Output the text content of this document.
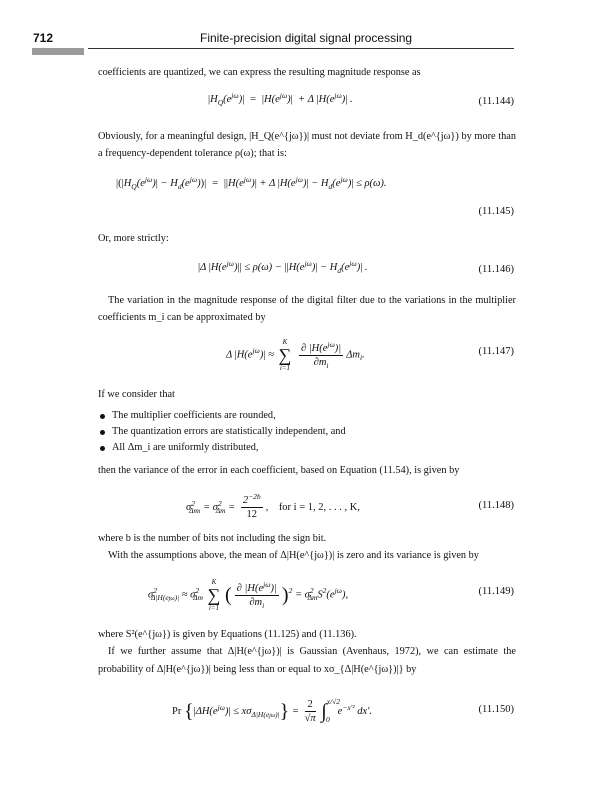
712	Finite-precision digital signal processing
coefficients are quantized, we can express the resulting magnitude response as
$|H_Q(e^{j\omega})| = |H(e^{j\omega})| + \Delta$ $|H(e^{j\omega})|$ .	(11.144)
Obviously, for a meaningful design, |H_Q(e^{jω})| must not deviate from H_d(e^{jω}) by more than a frequency-dependent tolerance ρ(ω); that is:
$|(|H_Q(e^{j\omega})| - H_d(e^{j\omega}))| = ||H(e^{j\omega})| + \Delta$ $|H(e^{j\omega})| - H_d(e^{j\omega})| \le \rho(\omega)$.
(11.145)
Or, more strictly:
|Δ $|H(e^{j\omega})|| \le \rho(\omega) - ||H(e^{j\omega})| - H_d(e^{j\omega})|$ .	(11.146)
The variation in the magnitude response of the digital filter due to the variations in the multiplier coefficients m_i can be approximated by
Δ $|H(e^{j\omega})|$ ≈
K
∑
i=1
$\frac{\partial |H(e^{j\omega})|}{\partial m_i} \Delta m_i$.	(11.147)
If we consider that
The multiplier coefficients are rounded,
The quantization errors are statistically independent, and
All Δm_i are uniformly distributed,
then the variance of the error in each coefficient, based on Equation (11.54), is given by
$\sigma^2_{\Delta mi} = \sigma^2_{\Delta m} = \frac{2^{-2b}}{12}$ ,    for i = 1, 2, . . . , K,	(11.148)
where b is the number of bits not including the sign bit.
With the assumptions above, the mean of Δ|H(e^{jω})| is zero and its variance is given by
$\sigma^2_{\Delta|H(ej\omega)|} \approx \sigma^2_{\Delta m}$
K
∑
i=1
( $\frac{\partial |H(e^{j\omega})|}{\partial m_i} )^2 = \sigma^2_{\Delta m}S^2(e^{j\omega})$,	(11.149)
where S²(e^{jω}) is given by Equations (11.125) and (11.136).
If we further assume that Δ|H(e^{jω})| is Gaussian (Avenhaus, 1972), we can estimate the probability of Δ|H(e^{jω})| being less than or equal to xσ_{Δ|H(e^{jω})|} by
Pr $\{|\Delta H(e^{j\omega})| \le x\sigma_{\Delta|H(ej\omega)|}\} = \frac{2}{√\pi} \int^{x/√2}_0$   $e^{-x'^2}$ dx′.	(11.150)
